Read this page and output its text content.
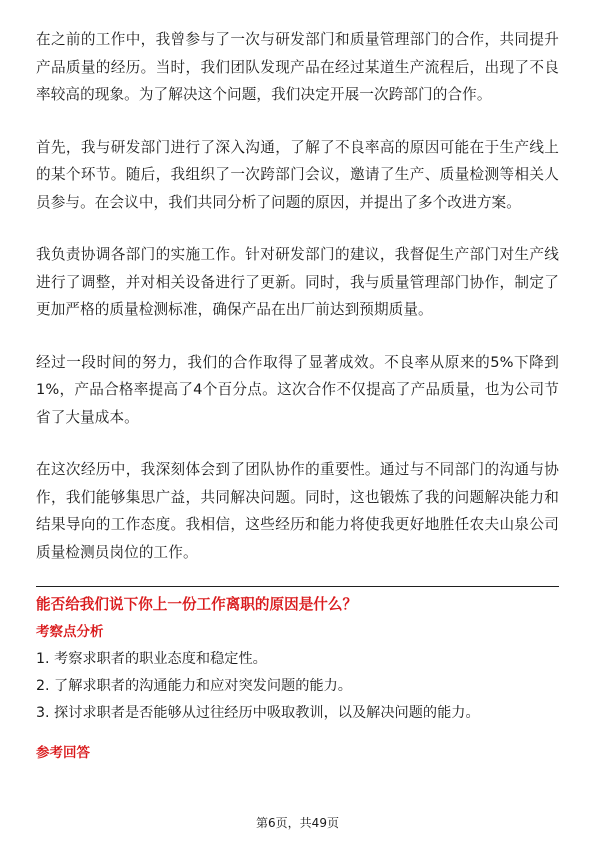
在之前的工作中，我曾参与了一次与研发部门和质量管理部门的合作，共同提升产品质量的经历。当时，我们团队发现产品在经过某道生产流程后，出现了不良率较高的现象。为了解决这个问题，我们决定开展一次跨部门的合作。

首先，我与研发部门进行了深入沟通，了解了不良率高的原因可能在于生产线上的某个环节。随后，我组织了一次跨部门会议，邀请了生产、质量检测等相关人员参与。在会议中，我们共同分析了问题的原因，并提出了多个改进方案。

我负责协调各部门的实施工作。针对研发部门的建议，我督促生产部门对生产线进行了调整，并对相关设备进行了更新。同时，我与质量管理部门协作，制定了更加严格的质量检测标准，确保产品在出厂前达到预期质量。

经过一段时间的努力，我们的合作取得了显著成效。不良率从原来的5%下降到1%，产品合格率提高了4个百分点。这次合作不仅提高了产品质量，也为公司节省了大量成本。

在这次经历中，我深刻体会到了团队协作的重要性。通过与不同部门的沟通与协作，我们能够集思广益，共同解决问题。同时，这也锻炼了我的问题解决能力和结果导向的工作态度。我相信，这些经历和能力将使我更好地胜任农夫山泉公司质量检测员岗位的工作。

能否给我们说下你上一份工作离职的原因是什么？
考察点分析
1. 考察求职者的职业态度和稳定性。
2. 了解求职者的沟通能力和应对突发问题的能力。
3. 探讨求职者是否能够从过往经历中吸取教训，以及解决问题的能力。
参考回答
第6页，共49页
